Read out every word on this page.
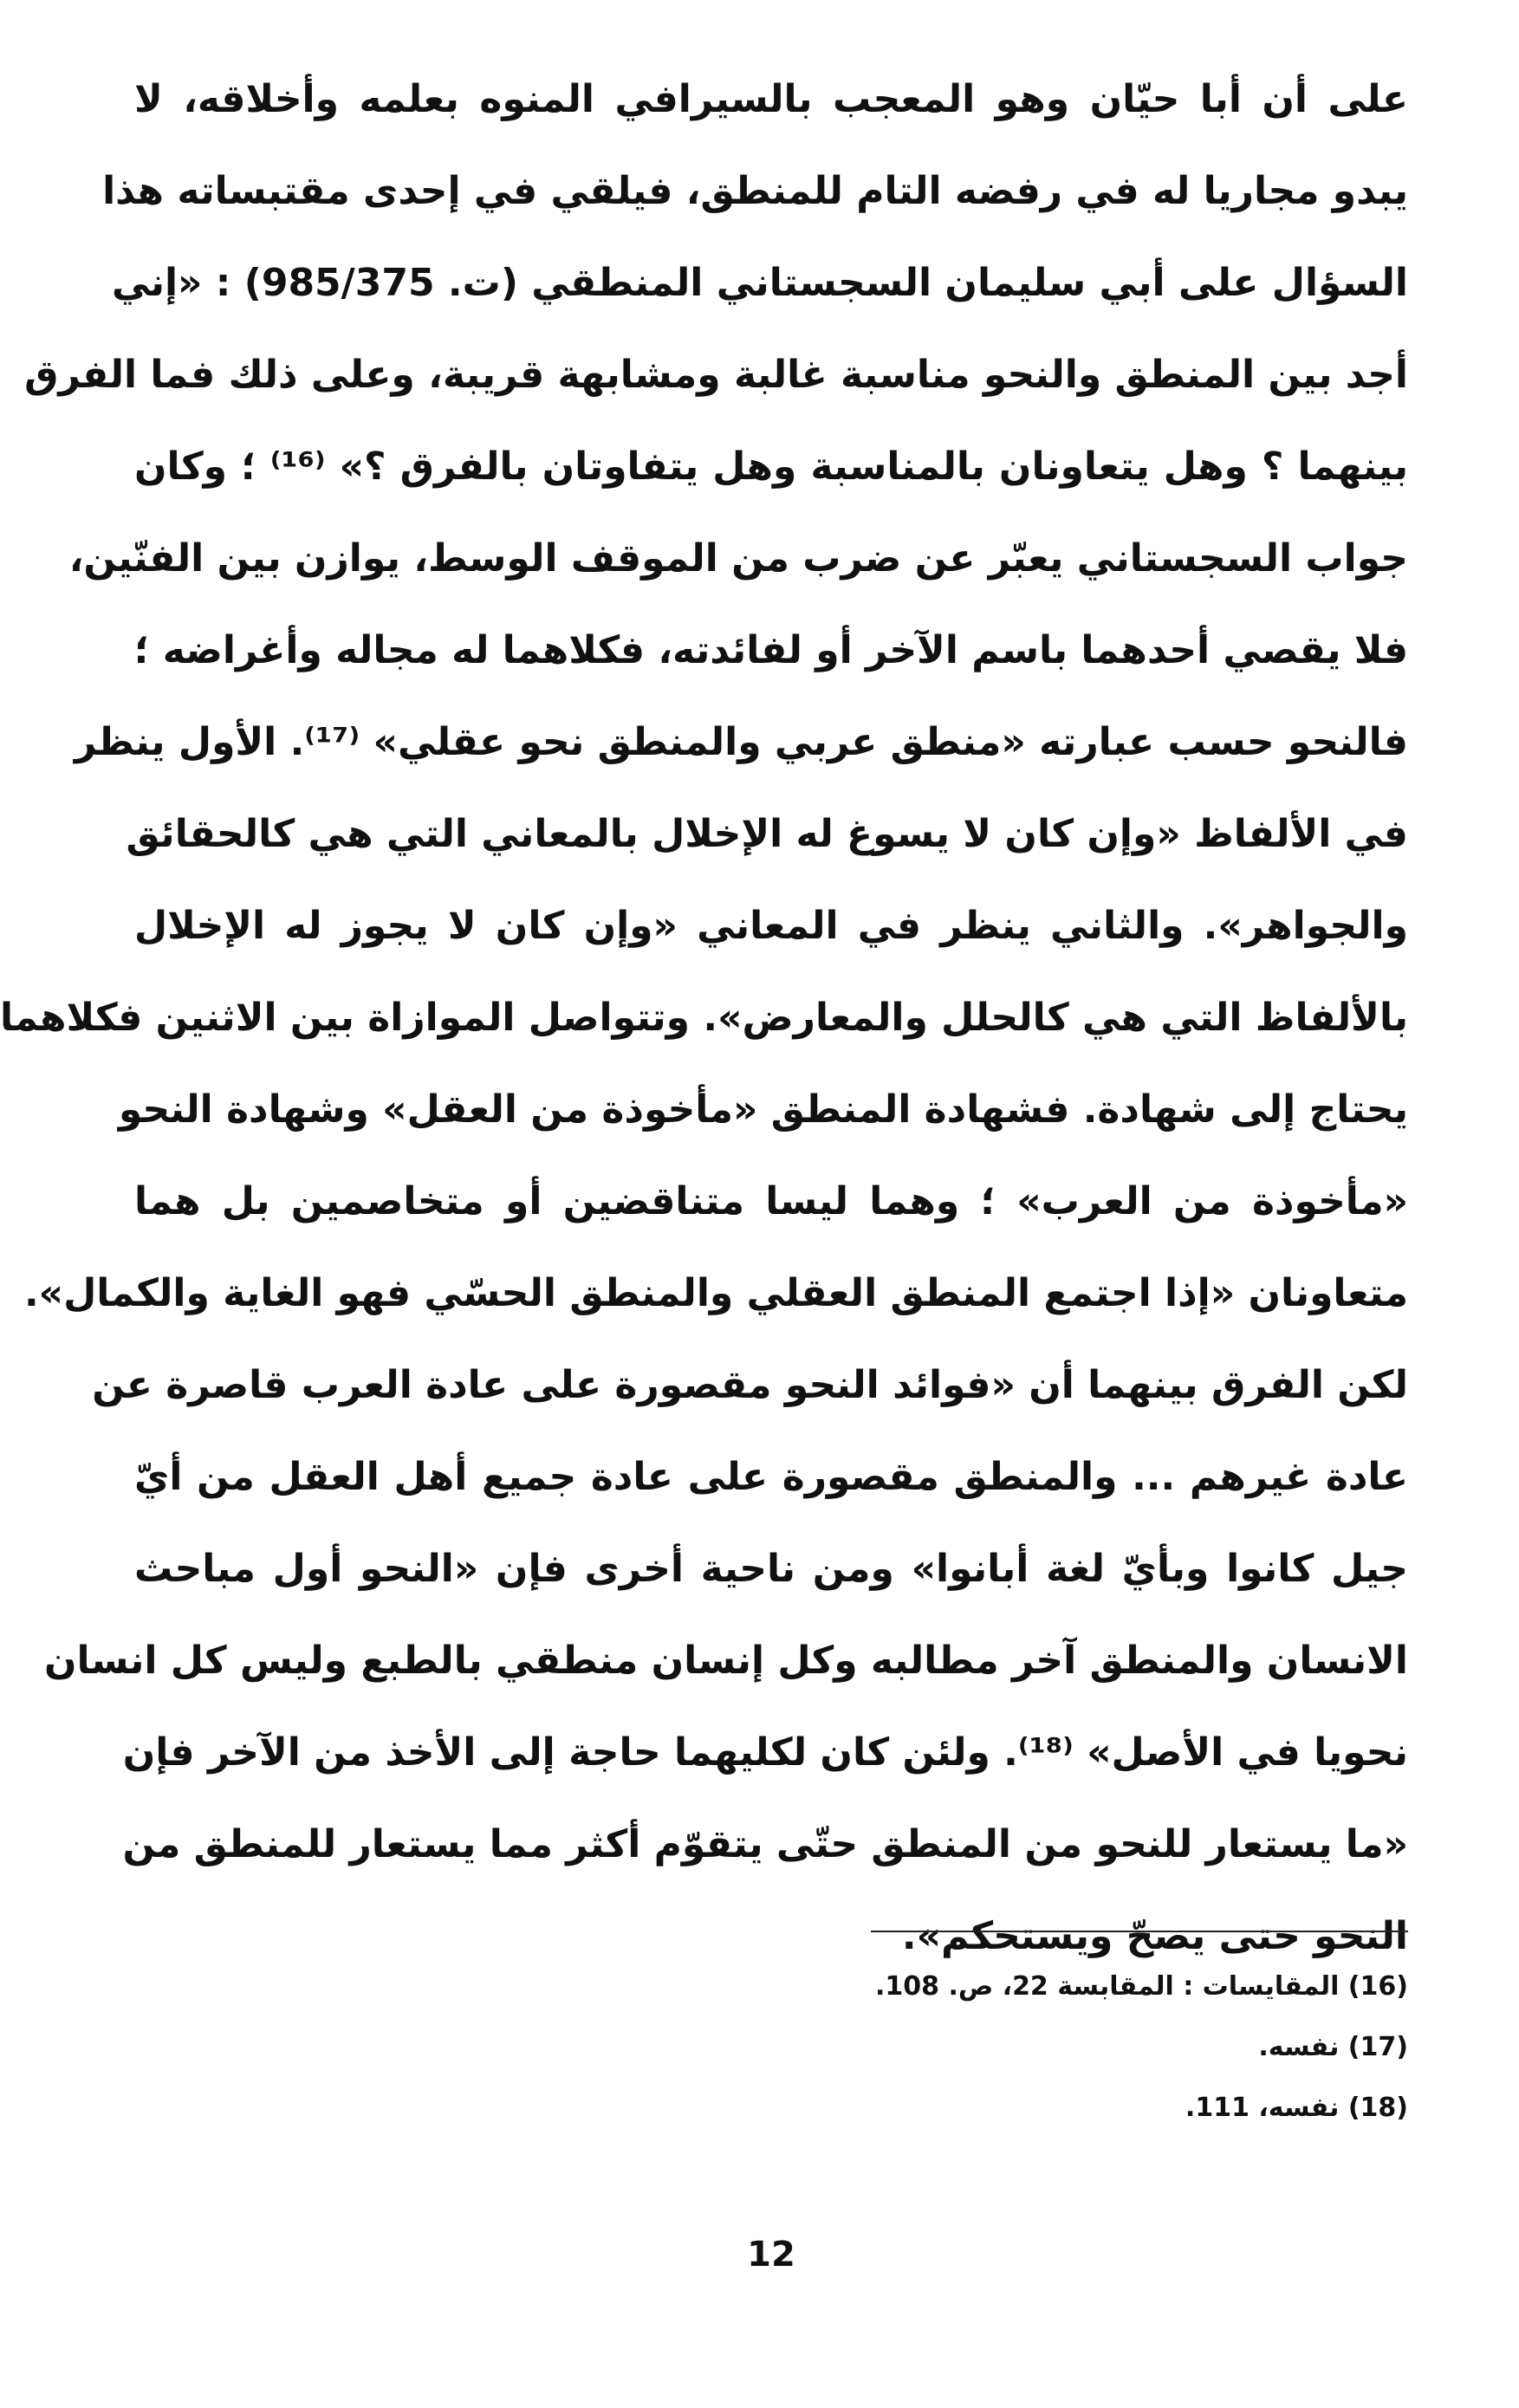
على أن أبا حيّان وهو المعجب بالسيرافي المنوه بعلمه وأخلاقه، لا
يبدو مجاريا له في رفضه التام للمنطق، فيلقي في إحدى مقتبساته هذا
السؤال على أبي سليمان السجستاني المنطقي (ت. 985/375) : «إني
أجد بين المنطق والنحو مناسبة غالبة ومشابهة قريبة، وعلى ذلك فما الفرق
بينهما ؟ وهل يتعاونان بالمناسبة وهل يتفاوتان بالفرق ؟» ⁽¹⁶⁾ ؛ وكان
جواب السجستاني يعبّر عن ضرب من الموقف الوسط، يوازن بين الفنّين،
فلا يقصي أحدهما باسم الآخر أو لفائدته، فكلاهما له مجاله وأغراضه ؛
فالنحو حسب عبارته «منطق عربي والمنطق نحو عقلي» ⁽¹⁷⁾. الأول ينظر
في الألفاظ «وإن كان لا يسوغ له الإخلال بالمعاني التي هي كالحقائق
والجواهر». والثاني ينظر في المعاني «وإن كان لا يجوز له الإخلال
بالألفاظ التي هي كالحلل والمعارض». وتتواصل الموازاة بين الاثنين فكلاهما
يحتاج إلى شهادة. فشهادة المنطق «مأخوذة من العقل» وشهادة النحو
«مأخوذة من العرب» ؛ وهما ليسا متناقضين أو متخاصمين بل هما
متعاونان «إذا اجتمع المنطق العقلي والمنطق الحسّي فهو الغاية والكمال».
لكن الفرق بينهما أن «فوائد النحو مقصورة على عادة العرب قاصرة عن
عادة غيرهم ... والمنطق مقصورة على عادة جميع أهل العقل من أيّ
جيل كانوا وبأيّ لغة أبانوا» ومن ناحية أخرى فإن «النحو أول مباحث
الانسان والمنطق آخر مطالبه وكل إنسان منطقي بالطبع وليس كل انسان
نحويا في الأصل» ⁽¹⁸⁾. ولئن كان لكليهما حاجة إلى الأخذ من الآخر فإن
«ما يستعار للنحو من المنطق حتّى يتقوّم أكثر مما يستعار للمنطق من
النحو حتى يصحّ ويستحكم».
(16) المقايسات : المقابسة 22، ص. 108.
(17) نفسه.
(18) نفسه، 111.
12
